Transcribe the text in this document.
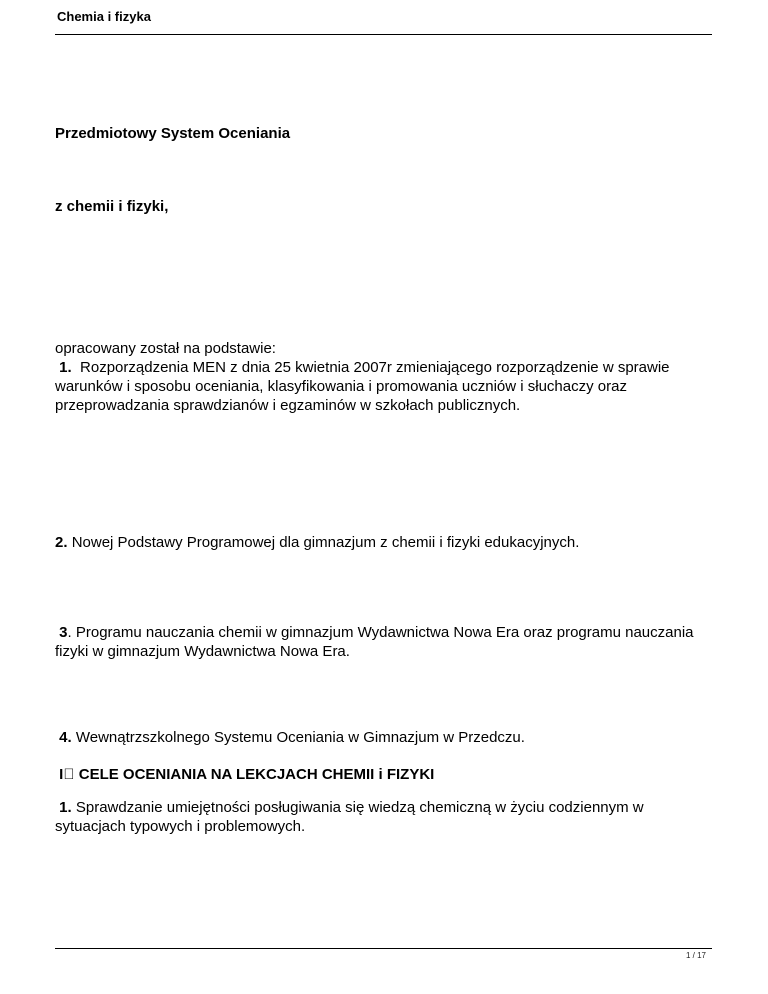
Chemia i fizyka
Przedmiotowy System Oceniania
z chemii i fizyki,
opracowany został na podstawie:
1. Rozporządzenia MEN z dnia 25 kwietnia 2007r zmieniającego rozporządzenie w sprawie warunków i sposobu oceniania, klasyfikowania i promowania uczniów i słuchaczy oraz przeprowadzania sprawdzianów i egzaminów w szkołach publicznych.
2. Nowej Podstawy Programowej dla gimnazjum z chemii i fizyki edukacyjnych.
3. Programu nauczania chemii w gimnazjum Wydawnictwa Nowa Era oraz programu nauczania fizyki w gimnazjum Wydawnictwa Nowa Era.
4. Wewnątrzszkolnego Systemu Oceniania w Gimnazjum w Przedczu.
I  CELE OCENIANIA NA LEKCJACH CHEMII i FIZYKI
1. Sprawdzanie umiejętności posługiwania się wiedzą chemiczną w życiu codziennym w sytuacjach typowych i problemowych.
1 / 17
